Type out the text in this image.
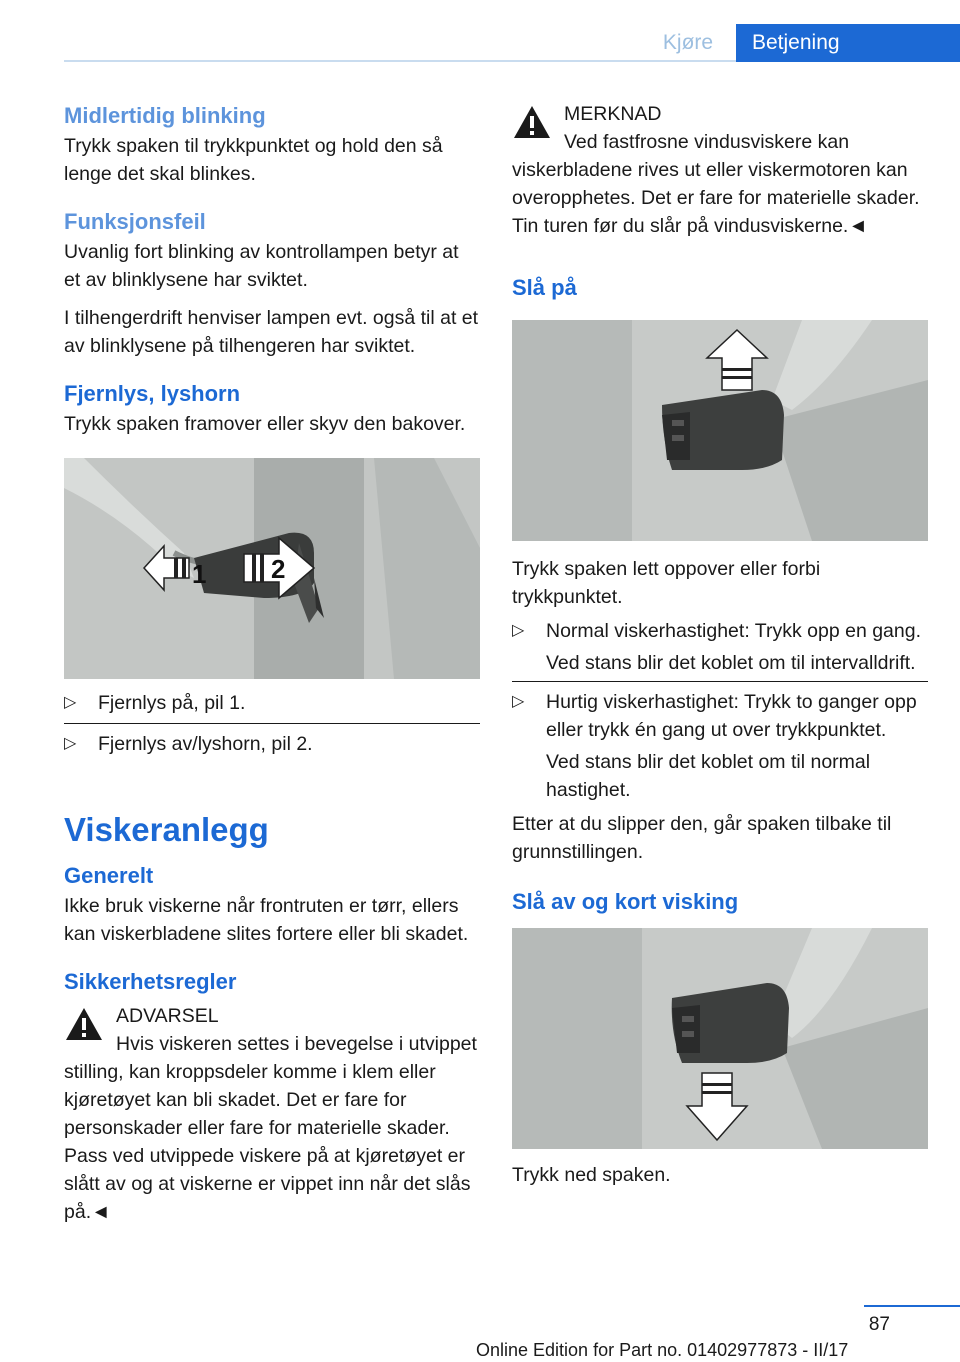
Kjøre	Betjening
Midlertidig blinking

Trykk spaken til trykkpunktet og hold den så lenge det skal blinkes.

Funksjonsfeil

Uvanlig fort blinking av kontrollampen betyr at et av blinklysene har sviktet.

I tilhengerdrift henviser lampen evt. også til at et av blinklysene på tilhengeren har sviktet.

Fjernlys, lyshorn

Trykk spaken framover eller skyv den bakover.

1 2
▷ Fjernlys på, pil 1.
▷ Fjernlys av/lyshorn, pil 2.
Viskeranlegg
Generelt

Ikke bruk viskerne når frontruten er tørr, ellers kan viskerbladene slites fortere eller bli skadet.

Sikkerhetsregler
ADVARSEL
Hvis viskeren settes i bevegelse i utvippet stilling, kan kroppsdeler komme i klem eller kjøretøyet kan bli skadet. Det er fare for personskader eller fare for materielle skader. Pass ved utvippede viskere på at kjøretøyet er slått av og at viskerne er vippet inn når det slås på.◄
MERKNAD
Ved fastfrosne vindusviskere kan viskerbladene rives ut eller viskermotoren kan overopphetes. Det er fare for materielle skader. Tin turen før du slår på vindusviskerne.◄
Slå på

Trykk spaken lett oppover eller forbi trykkpunktet.

▷ Normal viskerhastighet: Trykk opp en gang.
Ved stans blir det koblet om til intervalldrift.
▷ Hurtig viskerhastighet: Trykk to ganger opp eller trykk én gang ut over trykkpunktet.
Ved stans blir det koblet om til normal hastighet.

Etter at du slipper den, går spaken tilbake til grunnstillingen.

Slå av og kort visking

Trykk ned spaken.

87
Online Edition for Part no. 01402977873 - II/17
